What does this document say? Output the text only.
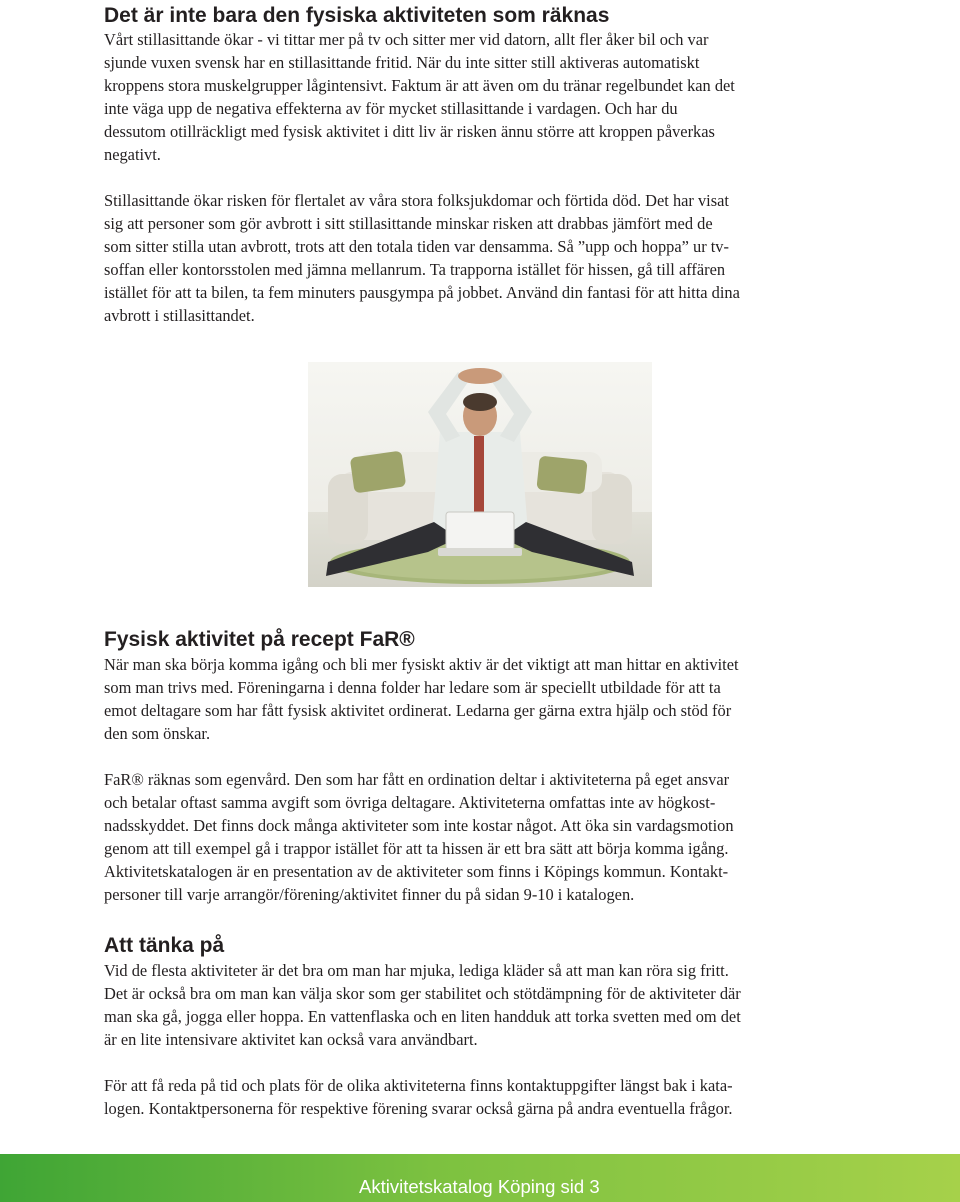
Det är inte bara den fysiska aktiviteten som räknas

Vårt stillasittande ökar - vi tittar mer på tv och sitter mer vid datorn, allt fler åker bil och var
sjunde vuxen svensk har en stillasittande fritid. När du inte sitter still aktiveras automatiskt
kroppens stora muskelgrupper lågintensivt. Faktum är att även om du tränar regelbundet kan det
inte väga upp de negativa effekterna av för mycket stillasittande i vardagen. Och har du
dessutom otillräckligt med fysisk aktivitet i ditt liv är risken ännu större att kroppen påverkas
negativt.

Stillasittande ökar risken för flertalet av våra stora folksjukdomar och förtida död. Det har visat
sig att personer som gör avbrott i sitt stillasittande minskar risken att drabbas jämfört med de
som sitter stilla utan avbrott, trots att den totala tiden var densamma. Så ”upp och hoppa” ur tv-
soffan eller kontorsstolen med jämna mellanrum. Ta trapporna istället för hissen, gå till affären
istället för att ta bilen, ta fem minuters pausgympa på jobbet. Använd din fantasi för att hitta dina
avbrott i stillasittandet.

Fysisk aktivitet på recept FaR®

När man ska börja komma igång och bli mer fysiskt aktiv är det viktigt att man hittar en aktivitet
som man trivs med. Föreningarna i denna folder har ledare som är speciellt utbildade för att ta
emot deltagare som har fått fysisk aktivitet ordinerat. Ledarna ger gärna extra hjälp och stöd för
den som önskar.

FaR® räknas som egenvård. Den som har fått en ordination deltar i aktiviteterna på eget ansvar
och betalar oftast samma avgift som övriga deltagare. Aktiviteterna omfattas inte av högkost-
nadsskyddet. Det finns dock många aktiviteter som inte kostar något. Att öka sin vardagsmotion
genom att till exempel gå i trappor istället för att ta hissen är ett bra sätt att börja komma igång.
Aktivitetskatalogen är en presentation av de aktiviteter som finns i Köpings kommun. Kontakt-
personer till varje arrangör/förening/aktivitet finner du på sidan 9-10 i katalogen.

Att tänka på

Vid de flesta aktiviteter är det bra om man har mjuka, lediga kläder så att man kan röra sig fritt.
Det är också bra om man kan välja skor som ger stabilitet och stötdämpning för de aktiviteter där
man ska gå, jogga eller hoppa. En vattenflaska och en liten handduk att torka svetten med om det
är en lite intensivare aktivitet kan också vara användbart.

För att få reda på tid och plats för de olika aktiviteterna finns kontaktuppgifter längst bak i kata-
logen. Kontaktpersonerna för respektive förening svarar också gärna på andra eventuella frågor.

Aktivitetskatalog Köping sid 3
